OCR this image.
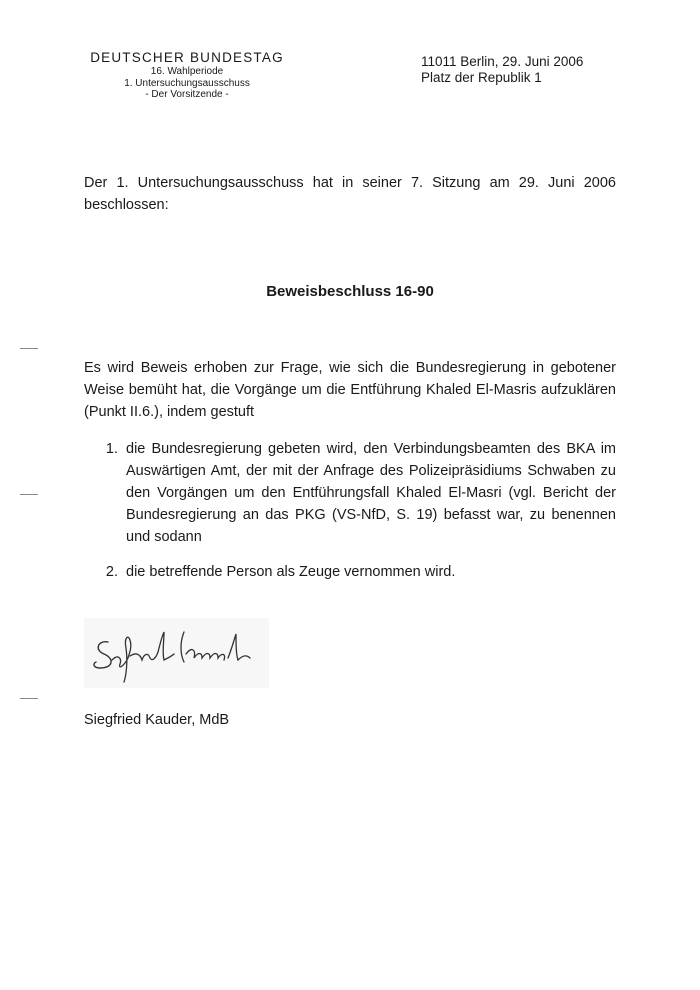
DEUTSCHER BUNDESTAG
16. Wahlperiode
1. Untersuchungsausschuss
- Der Vorsitzende -
11011 Berlin, 29. Juni 2006
Platz der Republik 1
Der 1. Untersuchungsausschuss hat in seiner 7. Sitzung am 29. Juni 2006 beschlossen:
Beweisbeschluss 16-90
Es wird Beweis erhoben zur Frage, wie sich die Bundesregierung in gebotener Weise bemüht hat, die Vorgänge um die Entführung Khaled El-Masris aufzuklären (Punkt II.6.), indem gestuft
1. die Bundesregierung gebeten wird, den Verbindungsbeamten des BKA im Auswärtigen Amt, der mit der Anfrage des Polizeipräsidiums Schwaben zu den Vorgängen um den Entführungsfall Khaled El-Masri (vgl. Bericht der Bundesregierung an das PKG (VS-NfD, S. 19) befasst war, zu benennen und sodann
2. die betreffende Person als Zeuge vernommen wird.
Siegfried Kauder, MdB
